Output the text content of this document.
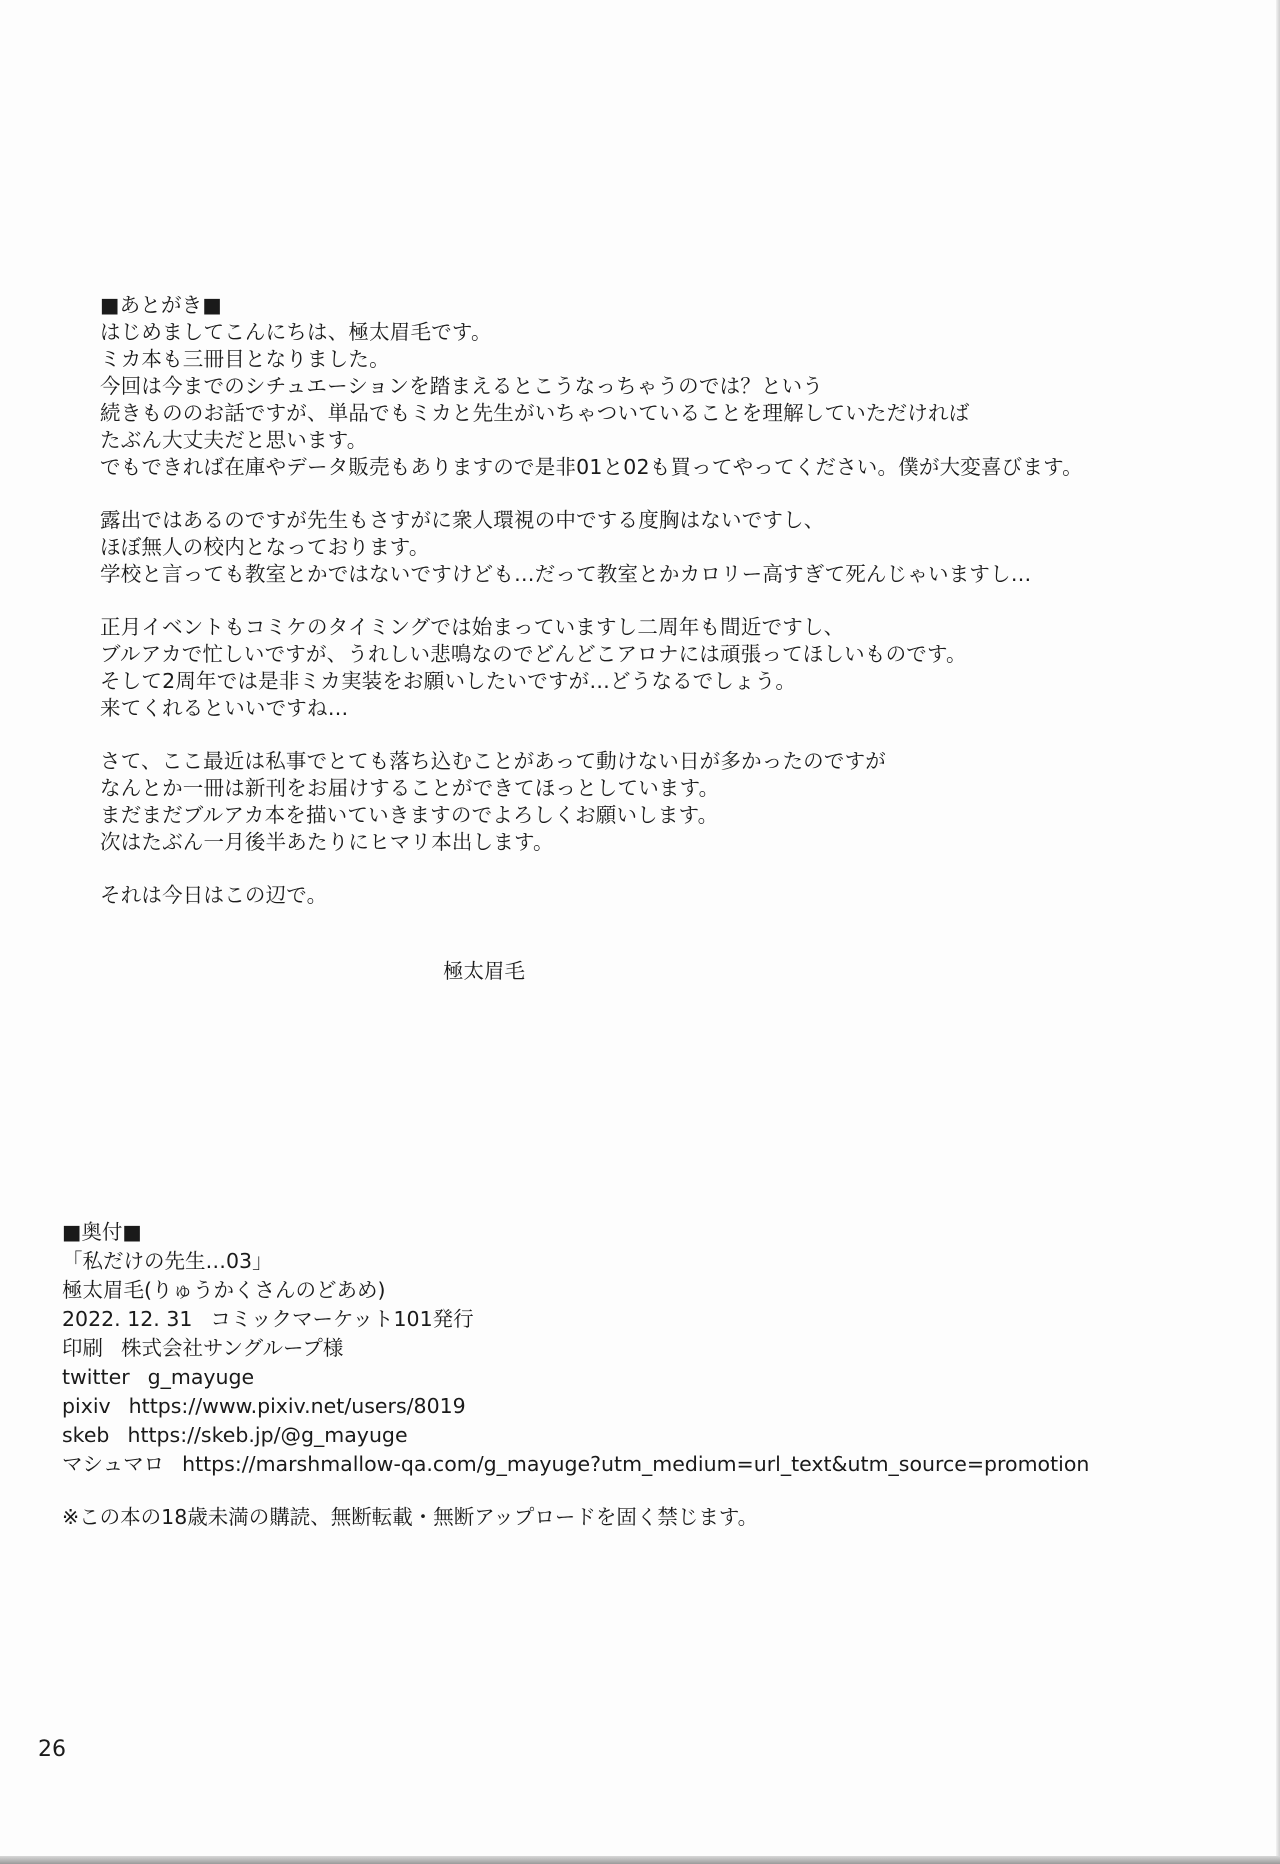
■あとがき■
はじめましてこんにちは、極太眉毛です。
ミカ本も三冊目となりました。
今回は今までのシチュエーションを踏まえるとこうなっちゃうのでは？という
続きもののお話ですが、単品でもミカと先生がいちゃついていることを理解していただければ
たぶん大丈夫だと思います。
でもできれば在庫やデータ販売もありますので是非01と02も買ってやってください。僕が大変喜びます。
露出ではあるのですが先生もさすがに衆人環視の中でする度胸はないですし、
ほぼ無人の校内となっております。
学校と言っても教室とかではないですけども…だって教室とかカロリー高すぎて死んじゃいますし…
正月イベントもコミケのタイミングでは始まっていますし二周年も間近ですし、
ブルアカで忙しいですが、うれしい悲鳴なのでどんどこアロナには頑張ってほしいものです。
そして2周年では是非ミカ実装をお願いしたいですが…どうなるでしょう。
来てくれるといいですね…
さて、ここ最近は私事でとても落ち込むことがあって動けない日が多かったのですが
なんとか一冊は新刊をお届けすることができてほっとしています。
まだまだブルアカ本を描いていきますのでよろしくお願いします。
次はたぶん一月後半あたりにヒマリ本出します。
それは今日はこの辺で。
極太眉毛
■奥付■
「私だけの先生…03」
極太眉毛(りゅうかくさんのどあめ)
2022. 12. 31 コミックマーケット101発行
印刷 株式会社サングループ様
twitter g_mayuge
pixiv https://www.pixiv.net/users/8019
skeb https://skeb.jp/@g_mayuge
マシュマロ https://marshmallow-qa.com/g_mayuge?utm_medium=url_text&utm_source=promotion
※この本の18歳未満の購読、無断転載・無断アップロードを固く禁じます。
26
